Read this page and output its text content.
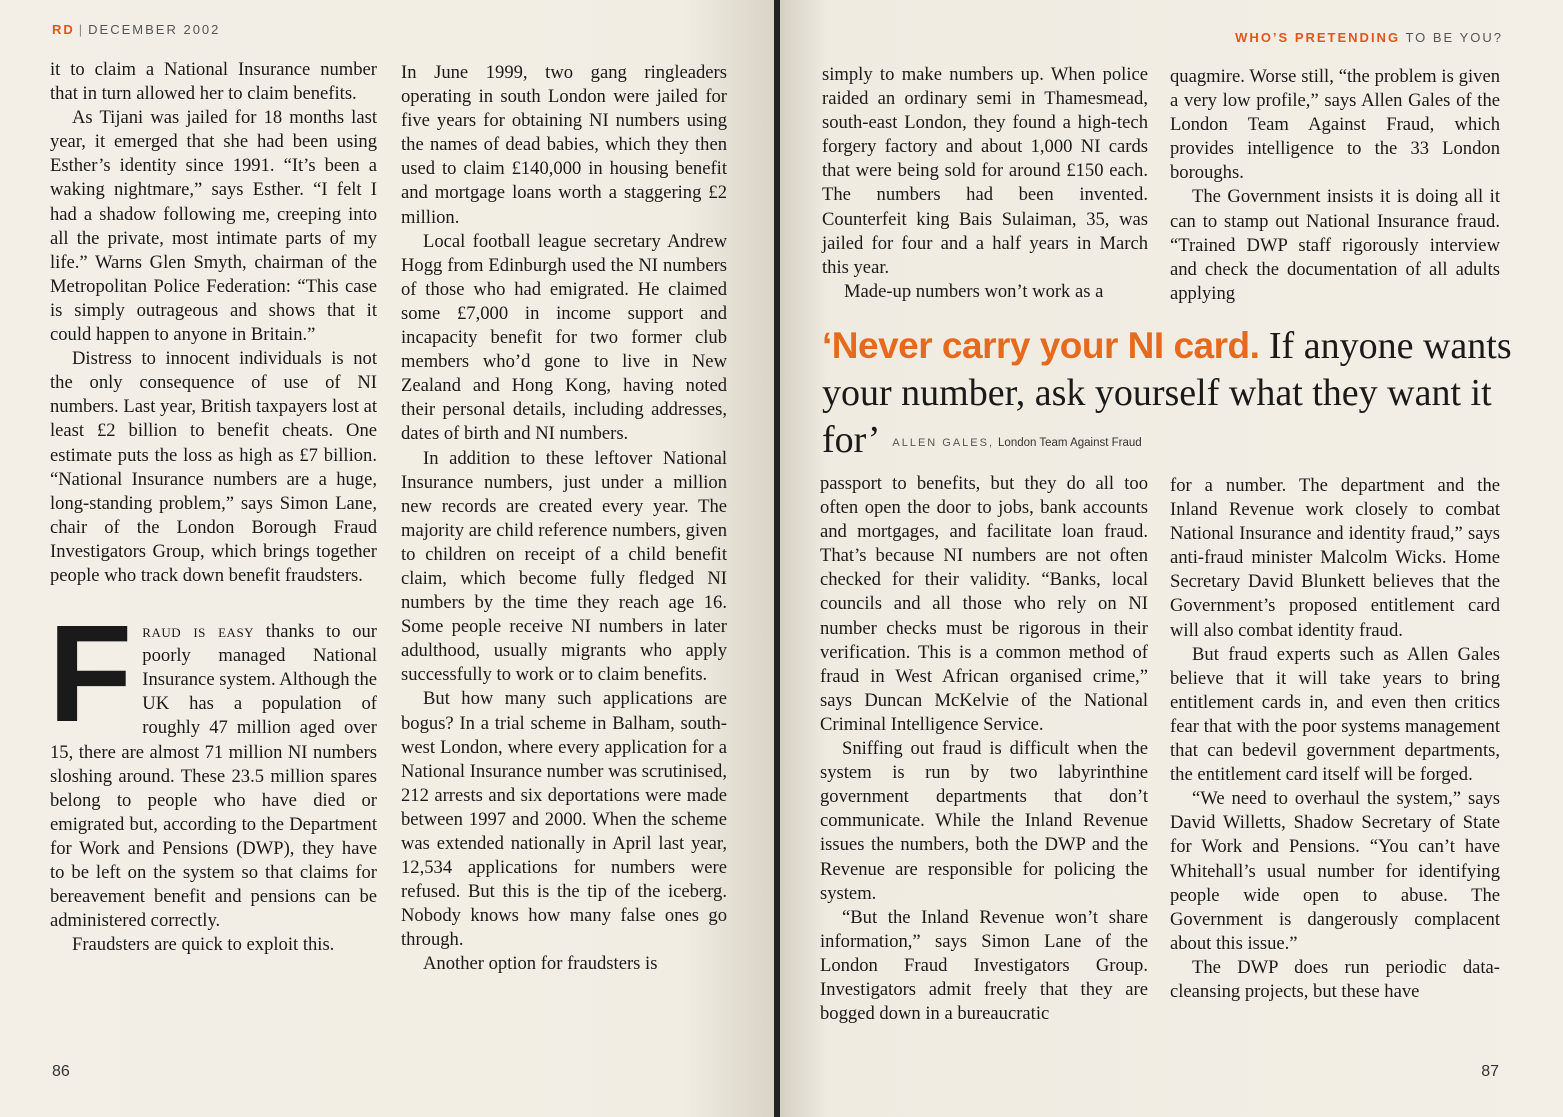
RD | DECEMBER 2002

it to claim a National Insurance number that in turn allowed her to claim benefits.

As Tijani was jailed for 18 months last year, it emerged that she had been using Esther’s identity since 1991. “It’s been a waking nightmare,” says Esther. “I felt I had a shadow following me, creeping into all the private, most intimate parts of my life.” Warns Glen Smyth, chairman of the Metropolitan Police Federation: “This case is simply outrageous and shows that it could happen to anyone in Britain.”

Distress to innocent individuals is not the only consequence of use of NI numbers. Last year, British taxpayers lost at least £2 billion to benefit cheats. One estimate puts the loss as high as £7 billion. “National Insurance numbers are a huge, long-standing problem,” says Simon Lane, chair of the London Borough Fraud Investigators Group, which brings together people who track down benefit fraudsters.

Fraud is easy thanks to our poorly managed National Insurance system. Although the UK has a population of roughly 47 million aged over 15, there are almost 71 million NI numbers sloshing around. These 23.5 million spares belong to people who have died or emigrated but, according to the Department for Work and Pensions (DWP), they have to be left on the system so that claims for bereavement benefit and pensions can be administered correctly.

Fraudsters are quick to exploit this.

In June 1999, two gang ringleaders operating in south London were jailed for five years for obtaining NI numbers using the names of dead babies, which they then used to claim £140,000 in housing benefit and mortgage loans worth a staggering £2 million.

Local football league secretary Andrew Hogg from Edinburgh used the NI numbers of those who had emigrated. He claimed some £7,000 in income support and incapacity benefit for two former club members who’d gone to live in New Zealand and Hong Kong, having noted their personal details, including addresses, dates of birth and NI numbers.

In addition to these leftover National Insurance numbers, just under a million new records are created every year. The majority are child reference numbers, given to children on receipt of a child benefit claim, which become fully fledged NI numbers by the time they reach age 16. Some people receive NI numbers in later adulthood, usually migrants who apply successfully to work or to claim benefits.

But how many such applications are bogus? In a trial scheme in Balham, south-west London, where every application for a National Insurance number was scrutinised, 212 arrests and six deportations were made between 1997 and 2000. When the scheme was extended nationally in April last year, 12,534 applications for numbers were refused. But this is the tip of the iceberg. Nobody knows how many false ones go through.

Another option for fraudsters is

86
WHO’S PRETENDING TO BE YOU?

simply to make numbers up. When police raided an ordinary semi in Thamesmead, south-east London, they found a high-tech forgery factory and about 1,000 NI cards that were being sold for around £150 each. The numbers had been invented. Counterfeit king Bais Sulaiman, 35, was jailed for four and a half years in March this year.

Made-up numbers won’t work as a

quagmire. Worse still, “the problem is given a very low profile,” says Allen Gales of the London Team Against Fraud, which provides intelligence to the 33 London boroughs.

The Government insists it is doing all it can to stamp out National Insurance fraud. “Trained DWP staff rigorously interview and check the documentation of all adults applying

‘Never carry your NI card. If anyone wants your number, ask yourself what they want it for’ ALLEN GALES, London Team Against Fraud

passport to benefits, but they do all too often open the door to jobs, bank accounts and mortgages, and facilitate loan fraud. That’s because NI numbers are not often checked for their validity. “Banks, local councils and all those who rely on NI number checks must be rigorous in their verification. This is a common method of fraud in West African organised crime,” says Duncan McKelvie of the National Criminal Intelligence Service.

Sniffing out fraud is difficult when the system is run by two labyrinthine government departments that don’t communicate. While the Inland Revenue issues the numbers, both the DWP and the Revenue are responsible for policing the system.

“But the Inland Revenue won’t share information,” says Simon Lane of the London Fraud Investigators Group. Investigators admit freely that they are bogged down in a bureaucratic

for a number. The department and the Inland Revenue work closely to combat National Insurance and identity fraud,” says anti-fraud minister Malcolm Wicks. Home Secretary David Blunkett believes that the Government’s proposed entitlement card will also combat identity fraud.

But fraud experts such as Allen Gales believe that it will take years to bring entitlement cards in, and even then critics fear that with the poor systems management that can bedevil government departments, the entitlement card itself will be forged.

“We need to overhaul the system,” says David Willetts, Shadow Secretary of State for Work and Pensions. “You can’t have Whitehall’s usual number for identifying people wide open to abuse. The Government is dangerously complacent about this issue.”

The DWP does run periodic data-cleansing projects, but these have

87
